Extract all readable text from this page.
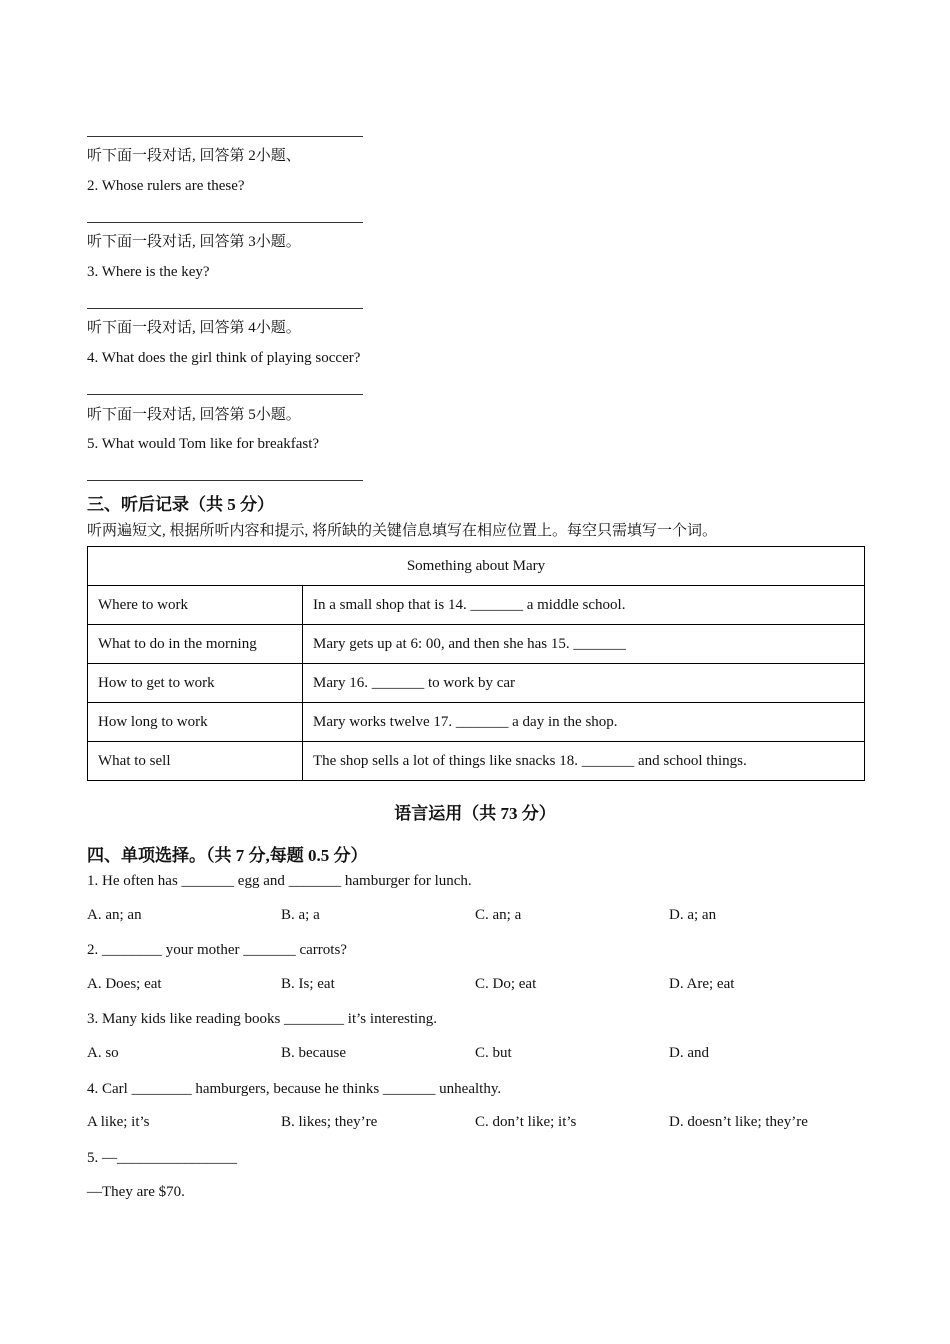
听下面一段对话, 回答第 2小题、
2. Whose rulers are these?
听下面一段对话, 回答第 3小题。
3. Where is the key?
听下面一段对话, 回答第 4小题。
4. What does the girl think of playing soccer?
听下面一段对话, 回答第 5小题。
5. What would Tom like for breakfast?
三、听后记录（共 5 分）
听两遍短文, 根据所听内容和提示, 将所缺的关键信息填写在相应位置上。每空只需填写一个词。
Something about Mary	
Where to work	In a small shop that is 14. _______ a middle school.
What to do in the morning	Mary gets up at 6: 00, and then she has 15. _______
How to get to work	Mary 16. _______ to work by car
How long to work	Mary works twelve 17. _______ a day in the shop.
What to sell	The shop sells a lot of things like snacks 18. _______ and school things.
语言运用（共 73 分）
四、单项选择。（共 7 分,每题 0.5 分）
1. He often has _______ egg and _______ hamburger for lunch.
A. an; an	B. a; a	C. an; a	D. a; an
2. ________ your mother _______ carrots?
A. Does; eat	B. Is; eat	C. Do; eat	D. Are; eat
3. Many kids like reading books ________ it’s interesting.
A. so	B. because	C. but	D. and
4. Carl ________ hamburgers, because he thinks _______ unhealthy.
A like; it’s	B. likes; they’re	C. don’t like; it’s	D. doesn’t like; they’re
5. —________________
—They are $70.
